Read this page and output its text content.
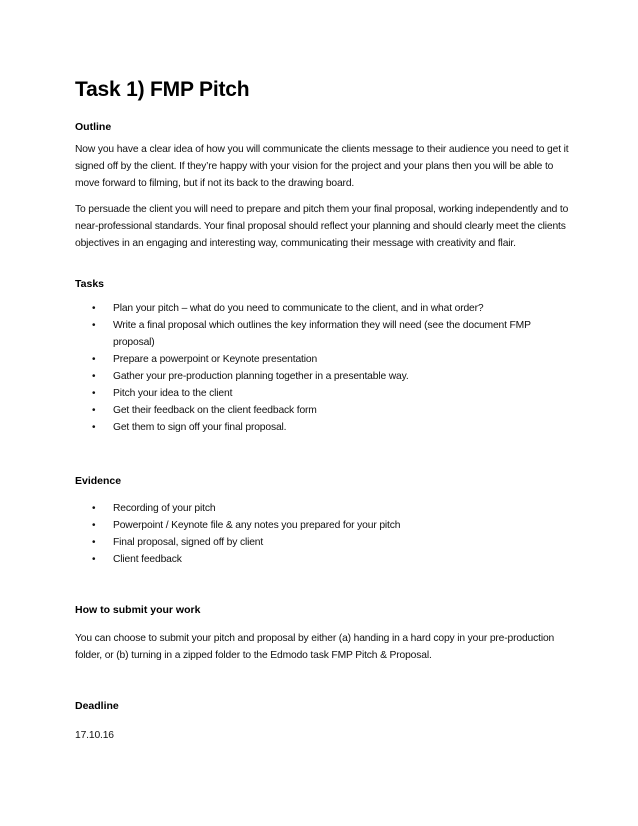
Task 1) FMP Pitch

Outline

Now you have a clear idea of how you will communicate the clients message to their audience you need to get it signed off by the client. If they’re happy with your vision for the project and your plans then you will be able to move forward to filming, but if not its back to the drawing board.

To persuade the client you will need to prepare and pitch them your final proposal, working independently and to near-professional standards. Your final proposal should reflect your planning and should clearly meet the clients objectives in an engaging and interesting way, communicating their message with creativity and flair.

Tasks

• Plan your pitch – what do you need to communicate to the client, and in what order?
• Write a final proposal which outlines the key information they will need (see the document FMP proposal)
• Prepare a powerpoint or Keynote presentation
• Gather your pre-production planning together in a presentable way.
• Pitch your idea to the client
• Get their feedback on the client feedback form
• Get them to sign off your final proposal.

Evidence

• Recording of your pitch
• Powerpoint / Keynote file & any notes you prepared for your pitch
• Final proposal, signed off by client
• Client feedback

How to submit your work

You can choose to submit your pitch and proposal by either (a) handing in a hard copy in your pre-production folder, or (b) turning in a zipped folder to the Edmodo task FMP Pitch & Proposal.

Deadline

17.10.16
